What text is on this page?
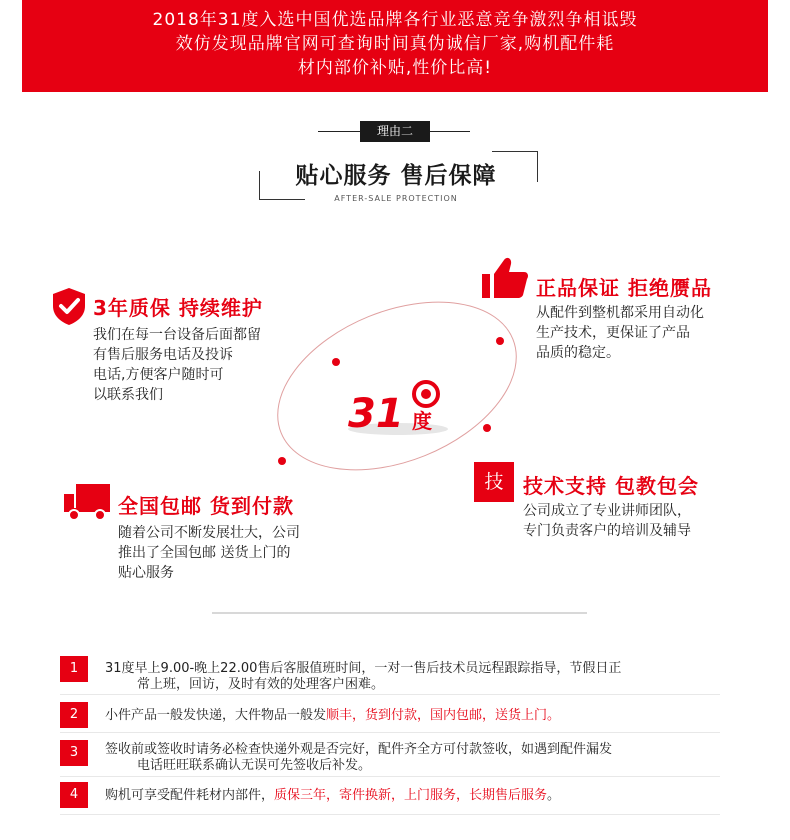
2018年31度入选中国优选品牌各行业恶意竞争激烈争相诋毁
效仿发现品牌官网可查询时间真伪诚信厂家,购机配件耗
材内部价补贴,性价比高!
理由二
贴心服务 售后保障
AFTER-SALE PROTECTION
31 度
3年质保 持续维护
我们在每一台设备后面都留
有售后服务电话及投诉
电话,方便客户随时可
以联系我们
正品保证 拒绝赝品
从配件到整机都采用自动化
生产技术，更保证了产品
品质的稳定。
全国包邮 货到付款
随着公司不断发展壮大，公司
推出了全国包邮 送货上门的
贴心服务
技 技术支持 包教包会
公司成立了专业讲师团队，
专门负责客户的培训及辅导
1	31度早上9.00-晚上22.00售后客服值班时间，一对一售后技术员远程跟踪指导，节假日正
常上班，回访，及时有效的处理客户困难。
2	小件产品一般发快递，大件物品一般发顺丰，货到付款，国内包邮，送货上门。
3	签收前或签收时请务必检查快递外观是否完好，配件齐全方可付款签收，如遇到配件漏发
电话旺旺联系确认无误可先签收后补发。
4	购机可享受配件耗材内部件，质保三年，寄件换新，上门服务，长期售后服务。
